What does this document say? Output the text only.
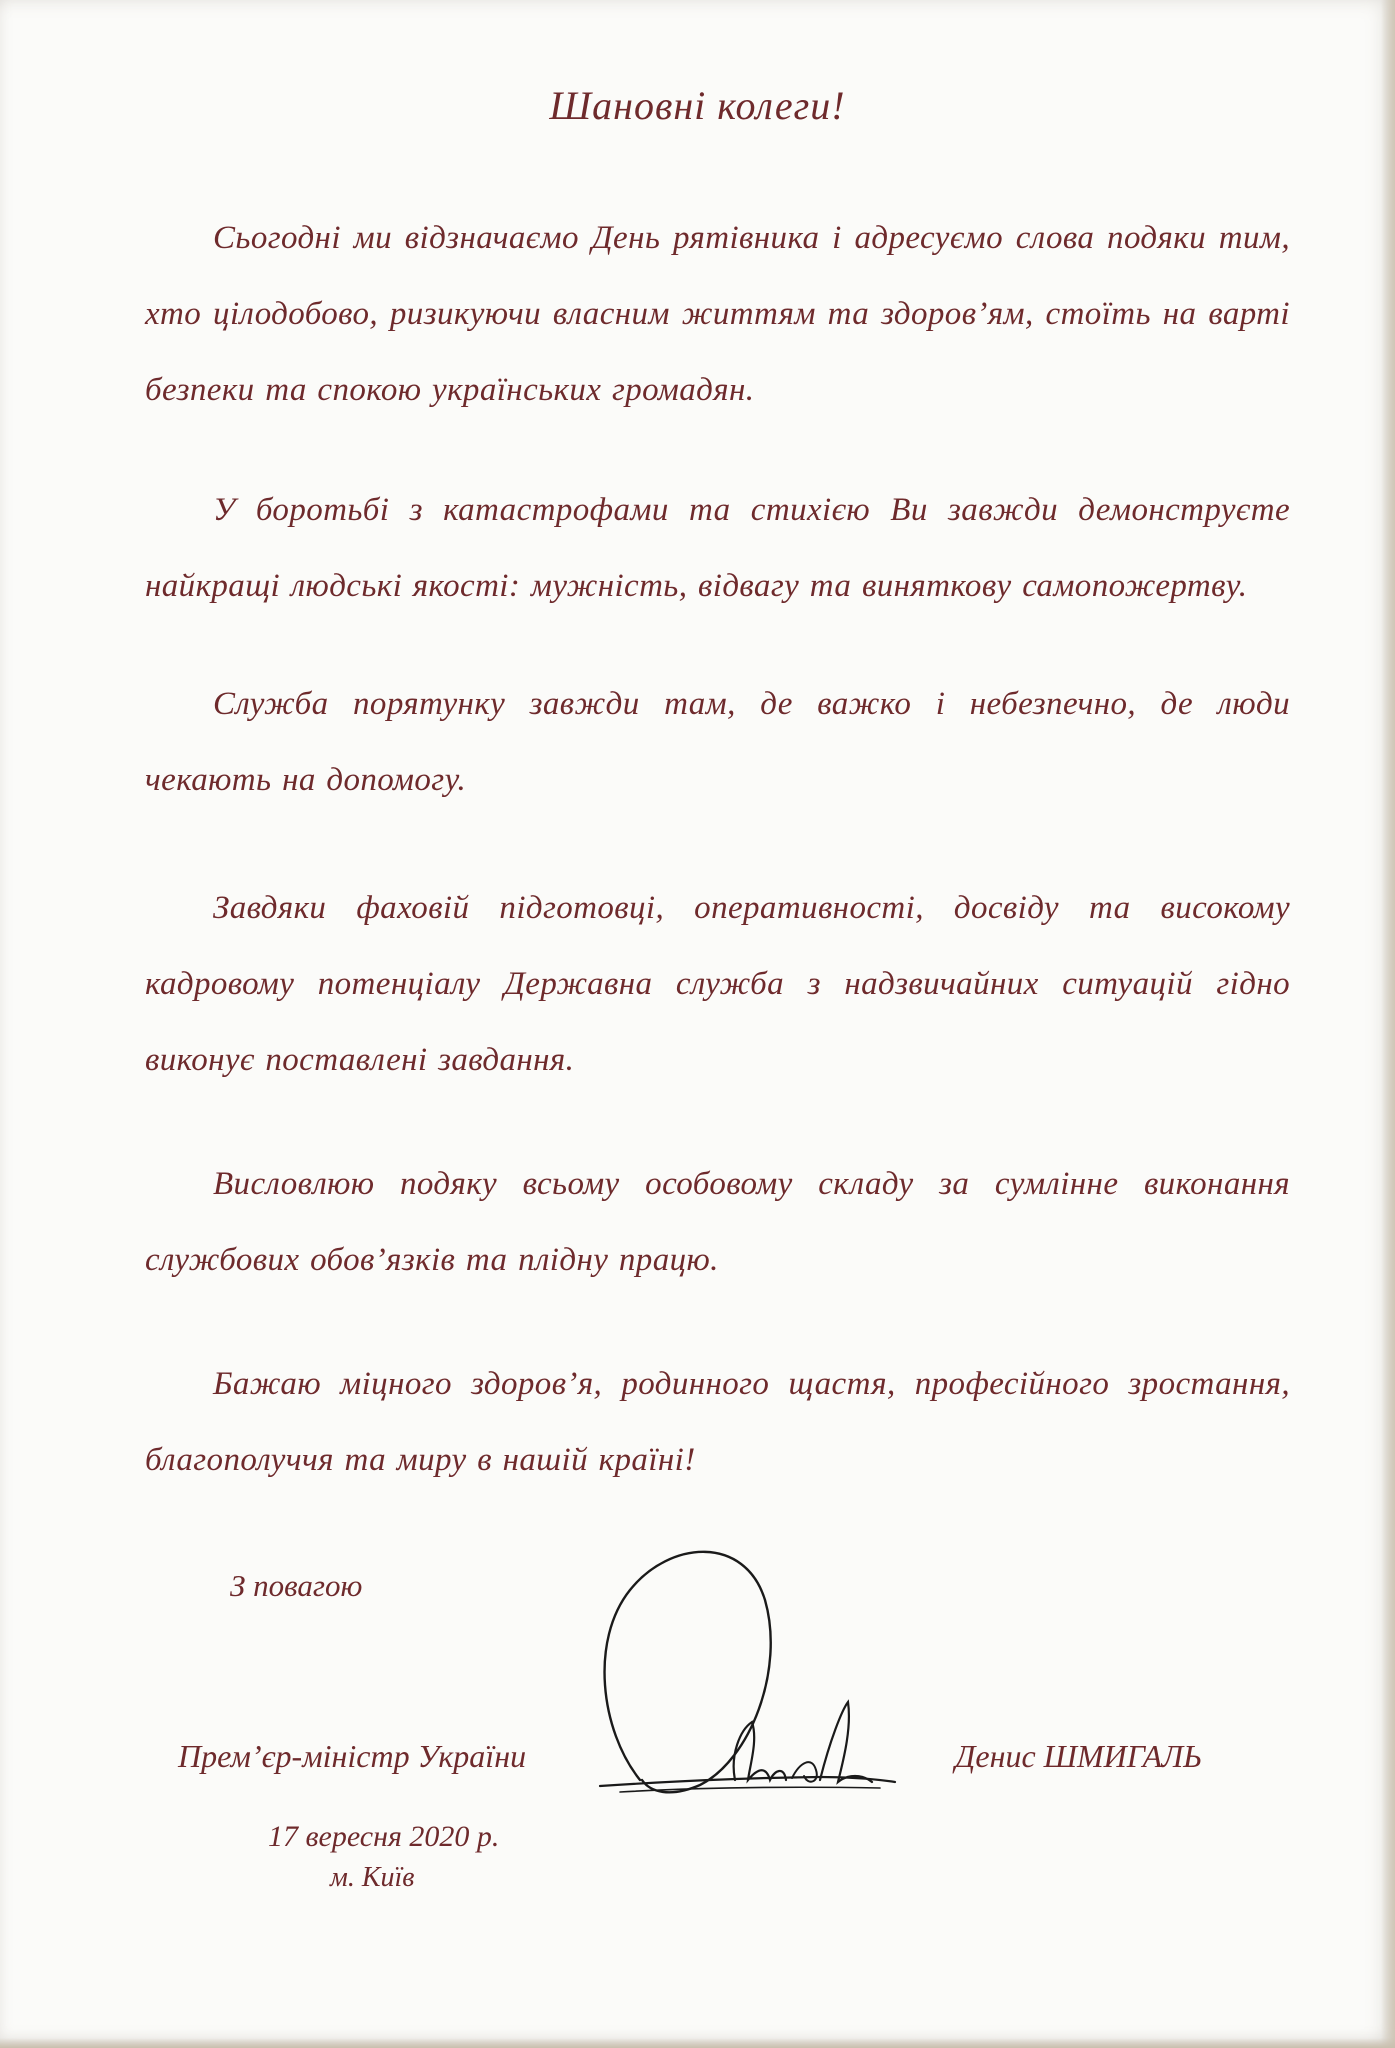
Шановні колеги!

Сьогодні ми відзначаємо День рятівника і адресуємо слова подяки тим, хто цілодобово, ризикуючи власним життям та здоров’ям, стоїть на варті безпеки та спокою українських громадян.

У боротьбі з катастрофами та стихією Ви завжди демонструєте найкращі людські якості: мужність, відвагу та виняткову самопожертву.

Служба порятунку завжди там, де важко і небезпечно, де люди чекають на допомогу.

Завдяки фаховій підготовці, оперативності, досвіду та високому кадровому потенціалу Державна служба з надзвичайних ситуацій гідно виконує поставлені завдання.

Висловлюю подяку всьому особовому складу за сумлінне виконання службових обов’язків та плідну працю.

Бажаю міцного здоров’я, родинного щастя, професійного зростання, благополуччя та миру в нашій країні!

З повагою
Прем’єр-міністр України	Денис ШМИГАЛЬ
17 вересня 2020 р.
м. Київ
